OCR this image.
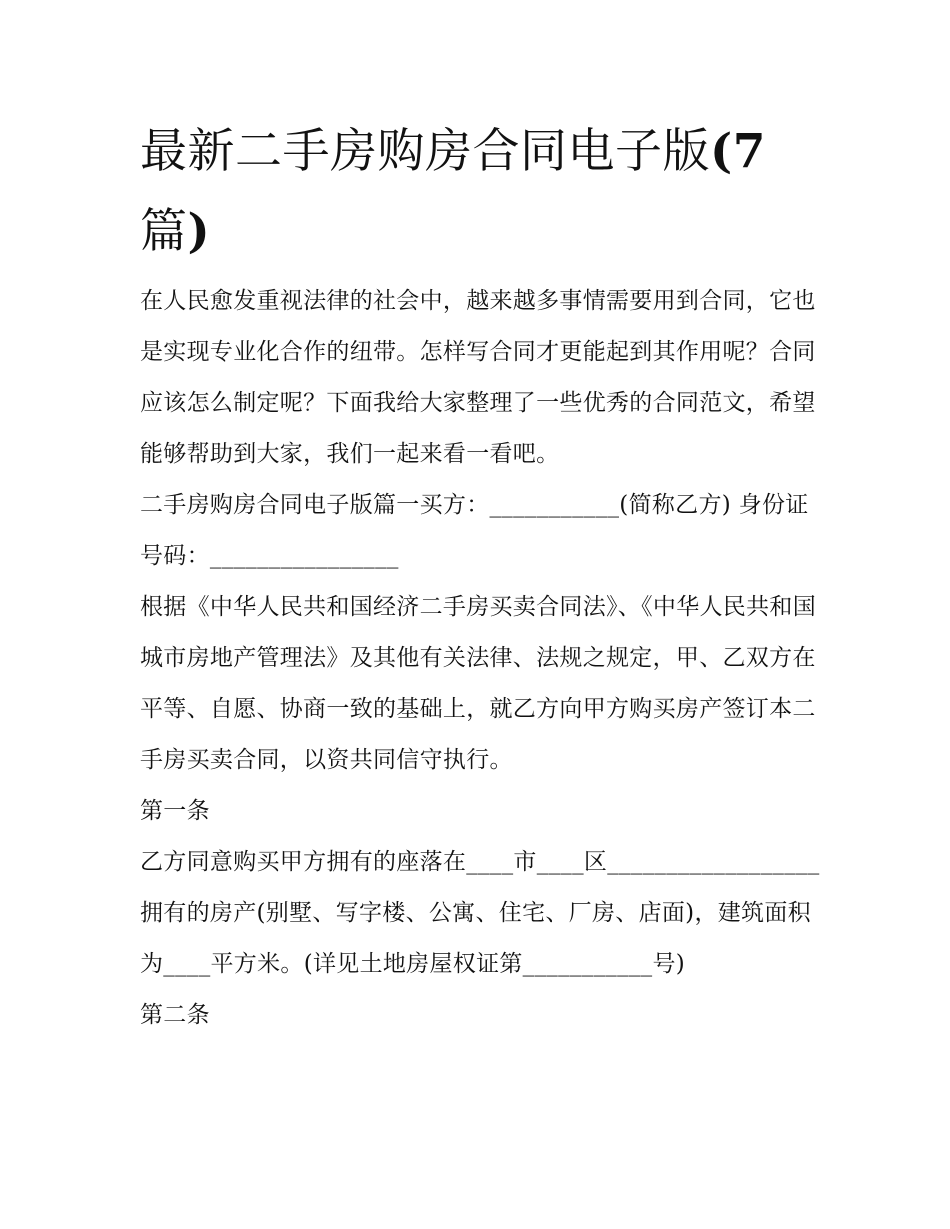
最新二手房购房合同电子版(7
篇)

在人民愈发重视法律的社会中，越来越多事情需要用到合同，它也是实现专业化合作的纽带。怎样写合同才更能起到其作用呢？合同应该怎么制定呢？下面我给大家整理了一些优秀的合同范文，希望能够帮助到大家，我们一起来看一看吧。

二手房购房合同电子版篇一买方：___________(简称乙方) 身份证号码：________________

根据《中华人民共和国经济二手房买卖合同法》、《中华人民共和国城市房地产管理法》及其他有关法律、法规之规定，甲、乙双方在平等、自愿、协商一致的基础上，就乙方向甲方购买房产签订本二手房买卖合同，以资共同信守执行。

第一条

乙方同意购买甲方拥有的座落在____市____区__________________拥有的房产(别墅、写字楼、公寓、住宅、厂房、店面)，建筑面积为____平方米。(详见土地房屋权证第___________号)

第二条
